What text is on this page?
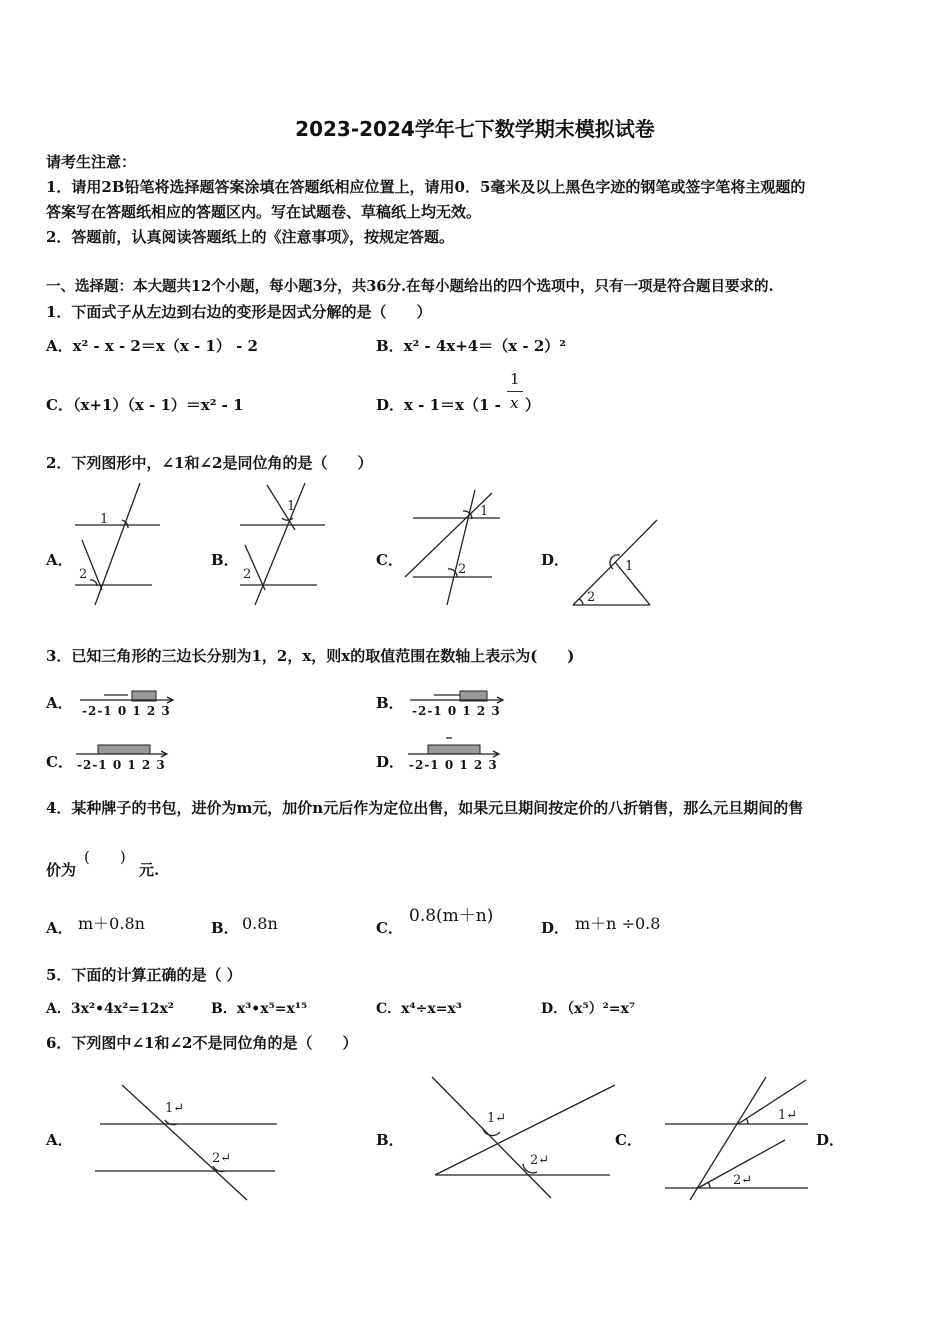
2023-2024学年七下数学期末模拟试卷
请考生注意：
1．请用2B铅笔将选择题答案涂填在答题纸相应位置上，请用0．5毫米及以上黑色字迹的钢笔或签字笔将主观题的
答案写在答题纸相应的答题区内。写在试题卷、草稿纸上均无效。
2．答题前，认真阅读答题纸上的《注意事项》，按规定答题。
一、选择题：本大题共12个小题，每小题3分，共36分.在每小题给出的四个选项中，只有一项是符合题目要求的.
1．下面式子从左边到右边的变形是因式分解的是（　　）
A．x² - x - 2＝x（x - 1） - 2	B．x² - 4x+4＝（x - 2）²
C．（x+1）（x - 1）＝x² - 1	D．x - 1＝x（1 -
1
x ）
2．下列图形中，∠1和∠2是同位角的是（　　）
A．	B．	C．	D．
1
2
1
2
1
2	1
2
3．已知三角形的三边长分别为1，2，x，则x的取值范围在数轴上表示为(　　)
A．	B．
C．	D．
-2-1 0 1 2 3	-2-1 0 1 2 3
-2-1 0 1 2 3	-2-1 0 1 2 3
4．某种牌子的书包，进价为m元，加价n元后作为定位出售，如果元旦期间按定价的八折销售，那么元旦期间的售
价为
(　　)
元.
A． m＋0.8n	B． 0.8n	C．
0.8(m＋n)
D． m＋n ÷0.8
5．下面的计算正确的是（ ）
A．3x²•4x²=12x²	B．x³•x⁵=x¹⁵	C．x⁴÷x=x³	D．（x⁵）²=x⁷
6．下列图中∠1和∠2不是同位角的是（　　）
A．	B．	C．	D．
1↵
2↵
1↵
2↵
1↵
2↵
